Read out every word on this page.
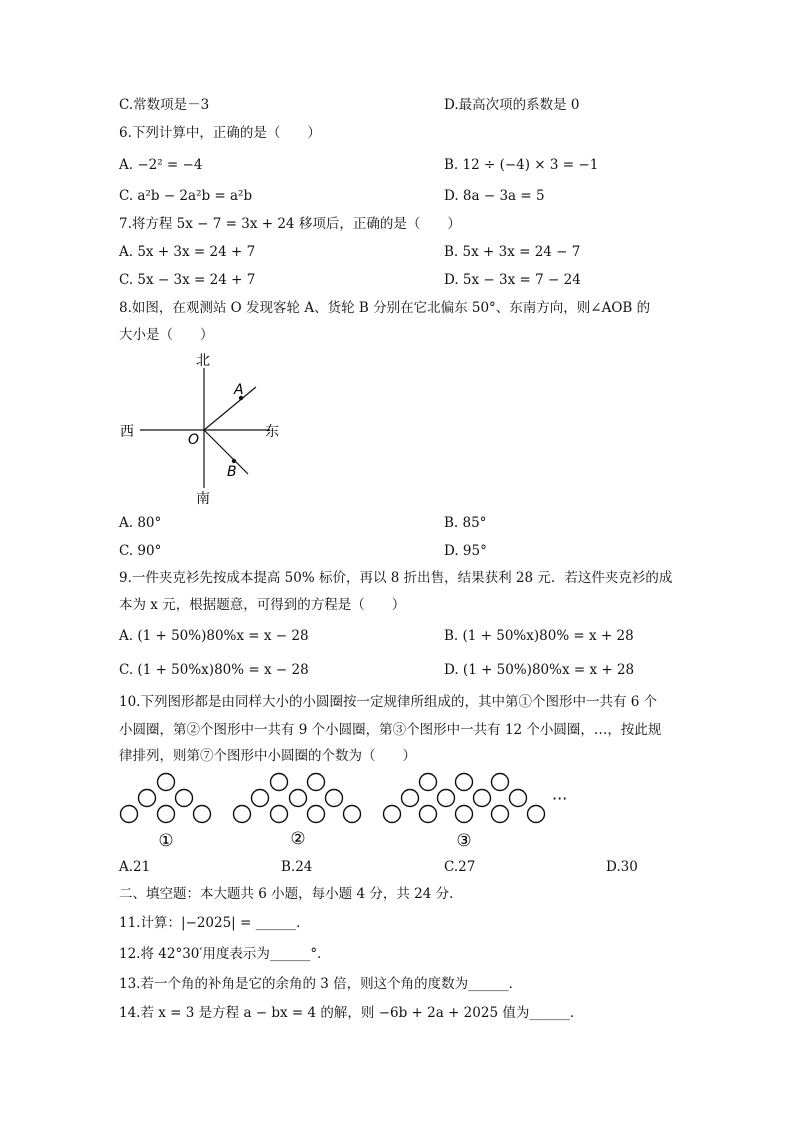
C.常数项是－3	D.最高次项的系数是 0
6.下列计算中，正确的是（　　）
A. −2² = −4	B. 12 ÷ (−4) × 3 = −1
C. a²b − 2a²b = a²b	D. 8a − 3a = 5
7.将方程 5x − 7 = 3x + 24 移项后，正确的是（　　）
A. 5x + 3x = 24 + 7	B. 5x + 3x = 24 − 7
C. 5x − 3x = 24 + 7	D. 5x − 3x = 7 − 24
8.如图，在观测站 O 发现客轮 A、货轮 B 分别在它北偏东 50°、东南方向，则∠AOB 的
大小是（　　）
北
南
西	东
O
A
B
A. 80°	B. 85°
C. 90°	D. 95°
9.一件夹克衫先按成本提高 50% 标价，再以 8 折出售，结果获利 28 元．若这件夹克衫的成
本为 x 元，根据题意，可得到的方程是（　　）
A. (1 + 50%)80%x = x − 28	B. (1 + 50%x)80% = x + 28
C. (1 + 50%x)80% = x − 28	D. (1 + 50%)80%x = x + 28
10.下列图形都是由同样大小的小圆圈按一定规律所组成的，其中第①个图形中一共有 6 个
小圆圈，第②个图形中一共有 9 个小圆圈，第③个图形中一共有 12 个小圆圈，…，按此规
律排列，则第⑦个图形中小圆圈的个数为（　　）
①	②	③
···
A.21	B.24	C.27	D.30
二、填空题：本大题共 6 小题，每小题 4 分，共 24 分.
11.计算：|−2025| = ______．
12.将 42°30′用度表示为______°．
13.若一个角的补角是它的余角的 3 倍，则这个角的度数为______．
14.若 x = 3 是方程 a − bx = 4 的解，则 −6b + 2a + 2025 值为______．
